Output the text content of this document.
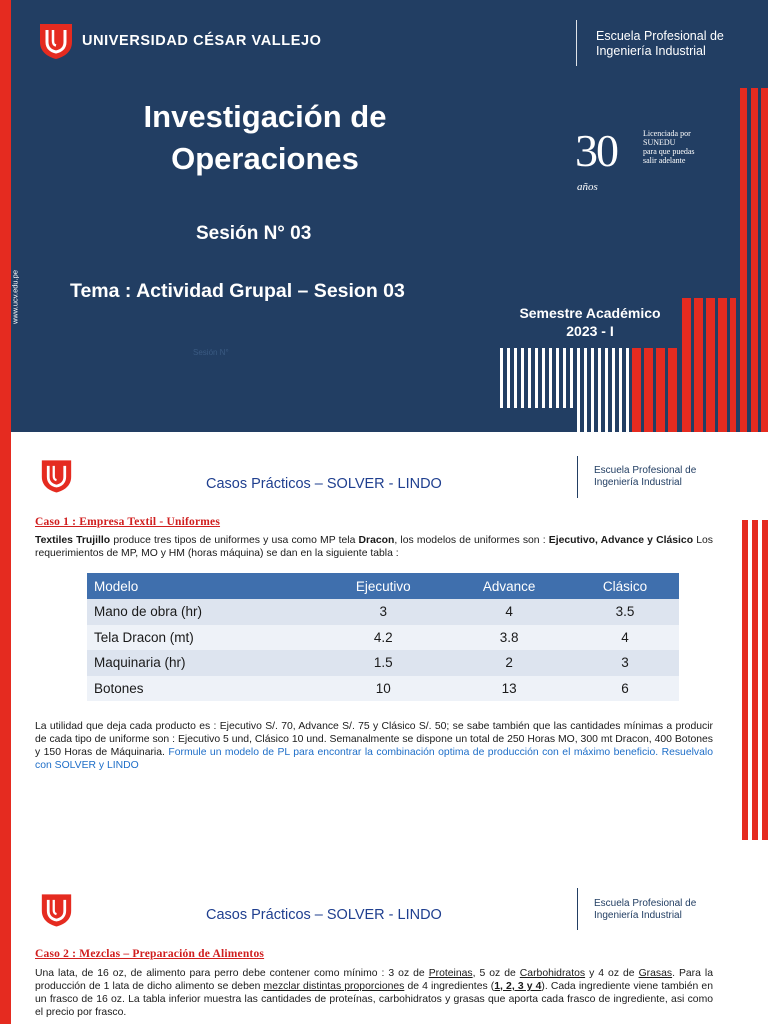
UNIVERSIDAD CÉSAR VALLEJO	Escuela Profesional de
Ingeniería Industrial
Investigación de
Operaciones
Sesión N° 03
Tema : Actividad Grupal – Sesion 03
www.ucv.edu.pe
Sesión N°
30
años
Licenciada por
SUNEDU
para que puedas
salir adelante
Semestre Académico
2023 - I
Casos Prácticos – SOLVER - LINDO
Escuela Profesional de
Ingeniería Industrial
Caso 1 : Empresa Textil - Uniformes
Textiles Trujillo produce tres tipos de uniformes y usa como MP tela Dracon, los modelos de uniformes son : Ejecutivo, Advance y Clásico Los requerimientos de MP, MO y HM (horas máquina) se dan en la siguiente tabla :
Modelo	Ejecutivo	Advance	Clásico
Mano de obra (hr)	3	4	3.5
Tela Dracon (mt)	4.2	3.8	4
Maquinaria (hr)	1.5	2	3
Botones	10	13	6
La utilidad que deja cada producto es : Ejecutivo S/. 70, Advance S/. 75 y Clásico S/. 50; se sabe también que las cantidades mínimas a producir de cada tipo de uniforme son : Ejecutivo 5 und, Clásico 10 und. Semanalmente se dispone un total de 250 Horas MO, 300 mt Dracon, 400 Botones y 150 Horas de Máquinaria. Formule un modelo de PL para encontrar la combinación optima de producción con el máximo beneficio. Resuelvalo con SOLVER y LINDO
Casos Prácticos – SOLVER - LINDO
Escuela Profesional de
Ingeniería Industrial
Caso 2 : Mezclas – Preparación de Alimentos
Una lata, de 16 oz, de alimento para perro debe contener como mínimo : 3 oz de Proteinas, 5 oz de Carbohidratos y 4 oz de Grasas. Para la producción de 1 lata de dicho alimento se deben mezclar distintas proporciones de 4 ingredientes (1, 2, 3 y 4). Cada ingrediente viene también en un frasco de 16 oz. La tabla inferior muestra las cantidades de proteínas, carbohidratos y grasas que aporta cada frasco de ingrediente, asi como el precio por frasco.
